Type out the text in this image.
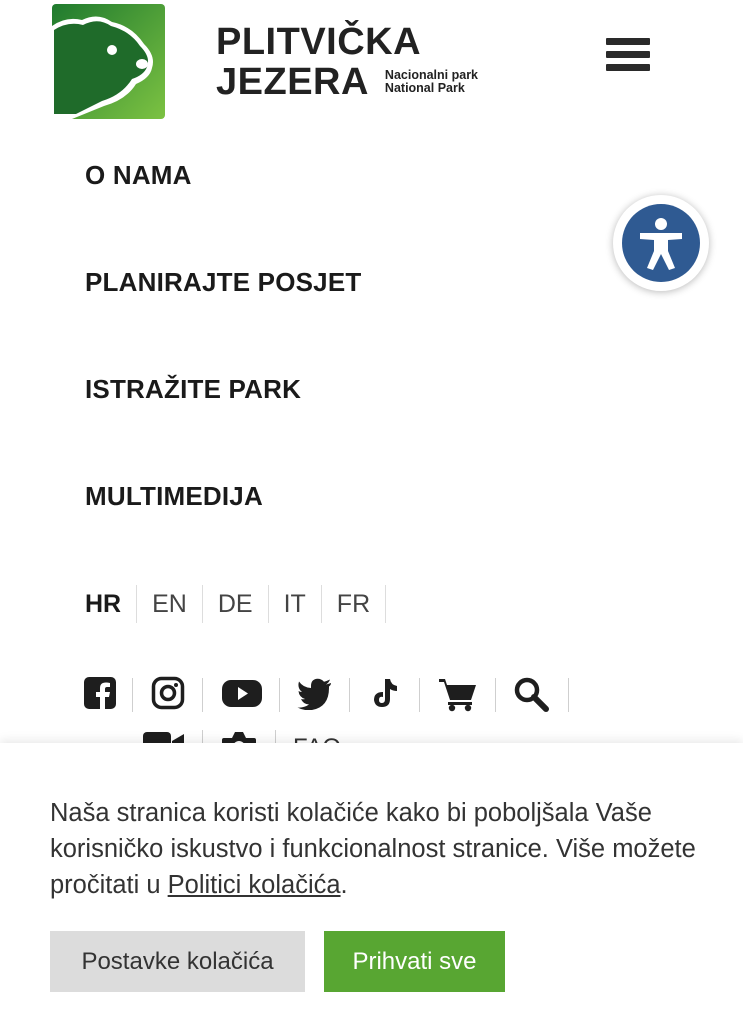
PLITVIČKA
JEZERA Nacionalni park
National Park
O NAMA
PLANIRAJTE POSJET
ISTRAŽITE PARK
MULTIMEDIJA
HR EN DE IT FR
Naša stranica koristi kolačiće kako bi poboljšala Vaše korisničko iskustvo i funkcionalnost stranice. Više možete pročitati u Politici kolačića.
Postavke kolačića	Prihvati sve
